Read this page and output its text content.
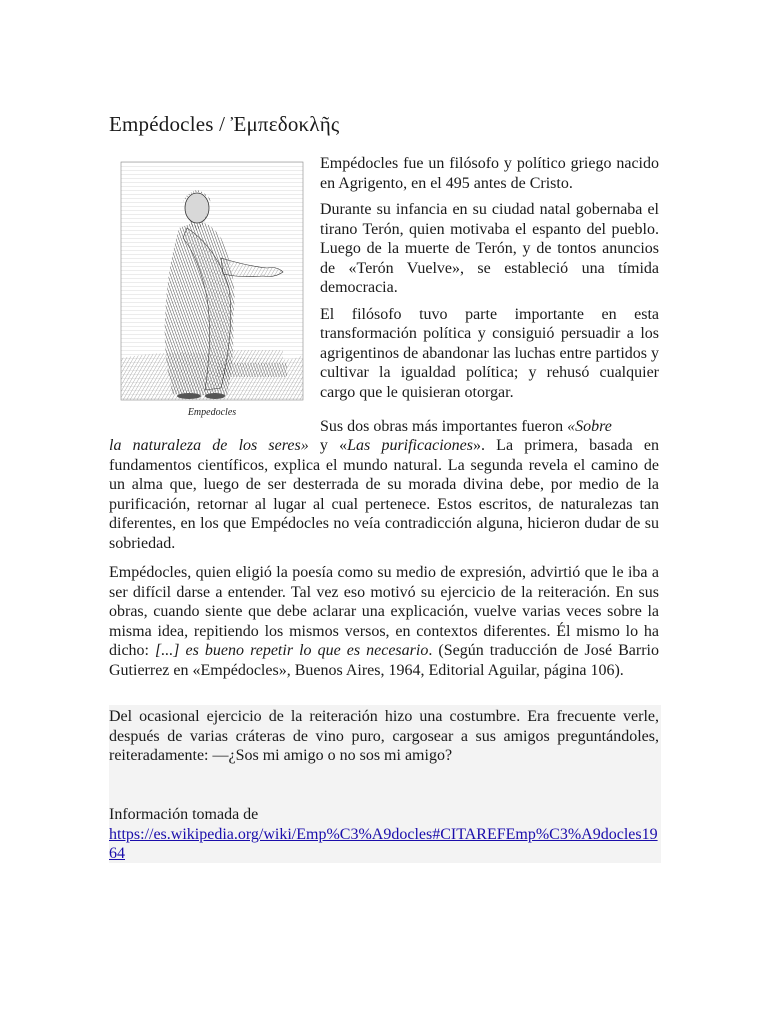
Empédocles / Ἐμπεδοκλῆς
Empedocles

Empédocles fue un filósofo y político griego nacido en Agrigento, en el 495 antes de Cristo.

Durante su infancia en su ciudad natal gobernaba el tirano Terón, quien motivaba el espanto del pueblo. Luego de la muerte de Terón, y de tontos anuncios de «Terón Vuelve», se estableció una tímida democracia.

El filósofo tuvo parte importante en esta transformación política y consiguió persuadir a los agrigentinos de abandonar las luchas entre partidos y cultivar la igualdad política; y rehusó cualquier cargo que le quisieran otorgar.

Sus dos obras más importantes fueron «Sobre

la naturaleza de los seres» y «Las purificaciones». La primera, basada en fundamentos científicos, explica el mundo natural. La segunda revela el camino de un alma que, luego de ser desterrada de su morada divina debe, por medio de la purificación, retornar al lugar al cual pertenece. Estos escritos, de naturalezas tan diferentes, en los que Empédocles no veía contradicción alguna, hicieron dudar de su sobriedad.

Empédocles, quien eligió la poesía como su medio de expresión, advirtió que le iba a ser difícil darse a entender. Tal vez eso motivó su ejercicio de la reiteración. En sus obras, cuando siente que debe aclarar una explicación, vuelve varias veces sobre la misma idea, repitiendo los mismos versos, en contextos diferentes. Él mismo lo ha dicho: [...] es bueno repetir lo que es necesario. (Según traducción de José Barrio Gutierrez en «Empédocles», Buenos Aires, 1964, Editorial Aguilar, página 106).

Del ocasional ejercicio de la reiteración hizo una costumbre. Era frecuente verle, después de varias cráteras de vino puro, cargosear a sus amigos preguntándoles, reiteradamente: —¿Sos mi amigo o no sos mi amigo?

Información tomada de
https://es.wikipedia.org/wiki/Emp%C3%A9docles#CITAREFEmp%C3%A9docles1964
